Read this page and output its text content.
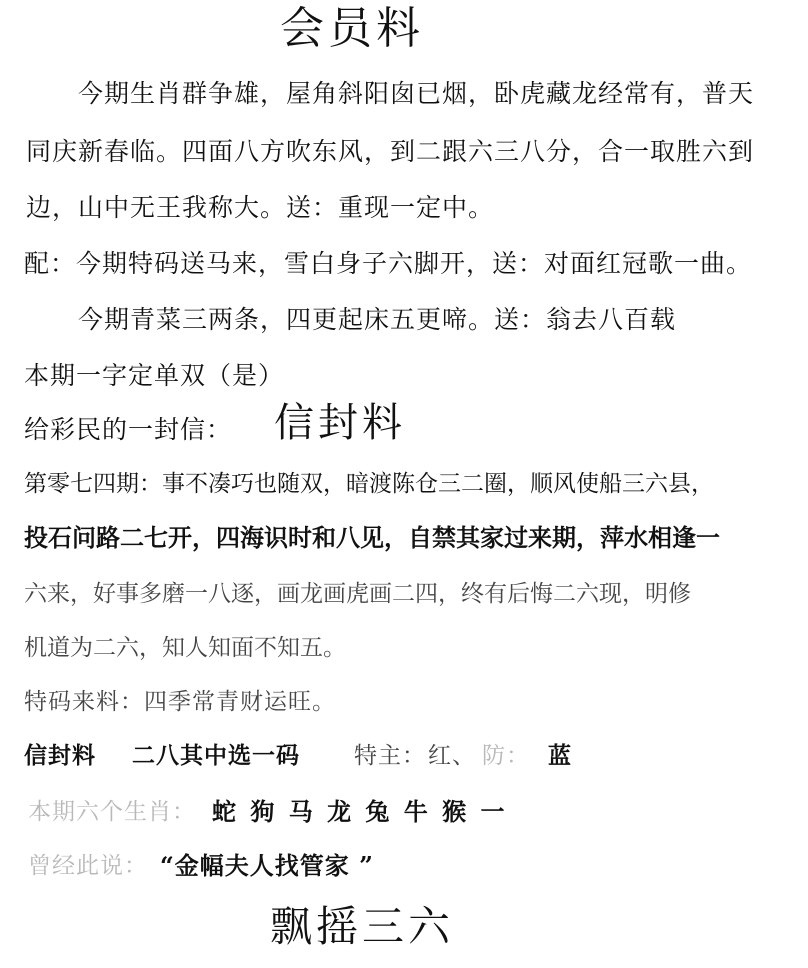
会员料
今期生肖群争雄，屋角斜阳囱已烟，卧虎藏龙经常有，普天
同庆新春临。四面八方吹东风，到二跟六三八分，合一取胜六到
边，山中无王我称大。送：重现一定中。
配：今期特码送马来，雪白身子六脚开，送：对面红冠歌一曲。
今期青菜三两条，四更起床五更啼。送：翁去八百载
本期一字定单双（是）
给彩民的一封信： 信封料
第零七四期：事不凑巧也随双，暗渡陈仓三二圈，顺风使船三六县，
投石问路二七开，四海识时和八见，自禁其家过来期，萍水相逢一
六来，好事多磨一八逐，画龙画虎画二四，终有后悔二六现，明修
机道为二六，知人知面不知五。
特码来料：四季常青财运旺。
信封料 二八其中选一码 特主： 红、 防： 蓝
本期六个生肖： 蛇 狗 马 龙 兔 牛 猴 一
曾经此说： “金幅夫人找管家 ”
飘摇三六
